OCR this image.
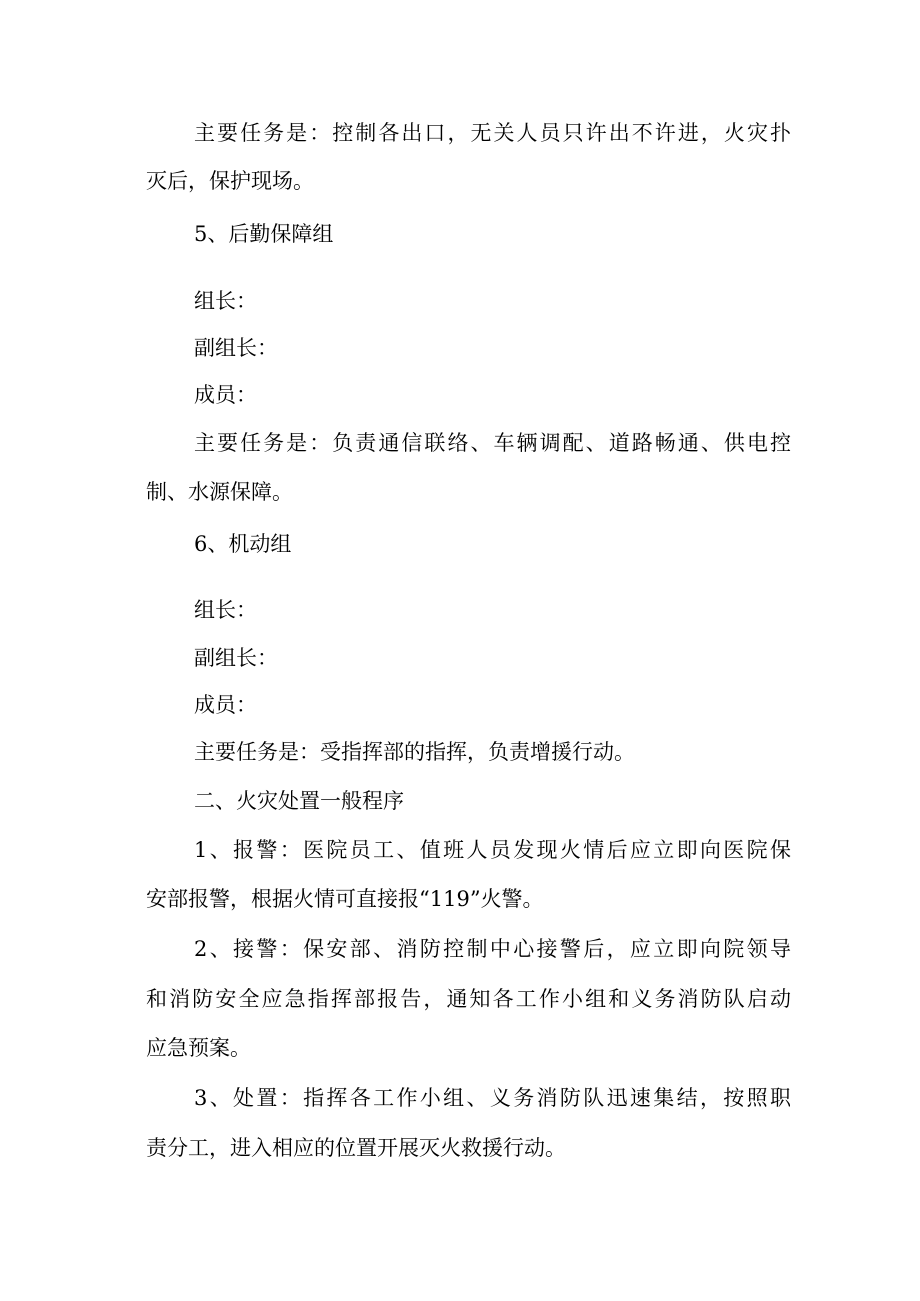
主要任务是：控制各出口，无关人员只许出不许进，火灾扑
灭后，保护现场。
5、后勤保障组
组长：
副组长：
成员：
主要任务是：负责通信联络、车辆调配、道路畅通、供电控
制、水源保障。
6、机动组
组长：
副组长：
成员：
主要任务是：受指挥部的指挥，负责增援行动。
二、火灾处置一般程序
1、报警：医院员工、值班人员发现火情后应立即向医院保
安部报警，根据火情可直接报“119”火警。
2、接警：保安部、消防控制中心接警后，应立即向院领导
和消防安全应急指挥部报告，通知各工作小组和义务消防队启动
应急预案。
3、处置：指挥各工作小组、义务消防队迅速集结，按照职
责分工，进入相应的位置开展灭火救援行动。
